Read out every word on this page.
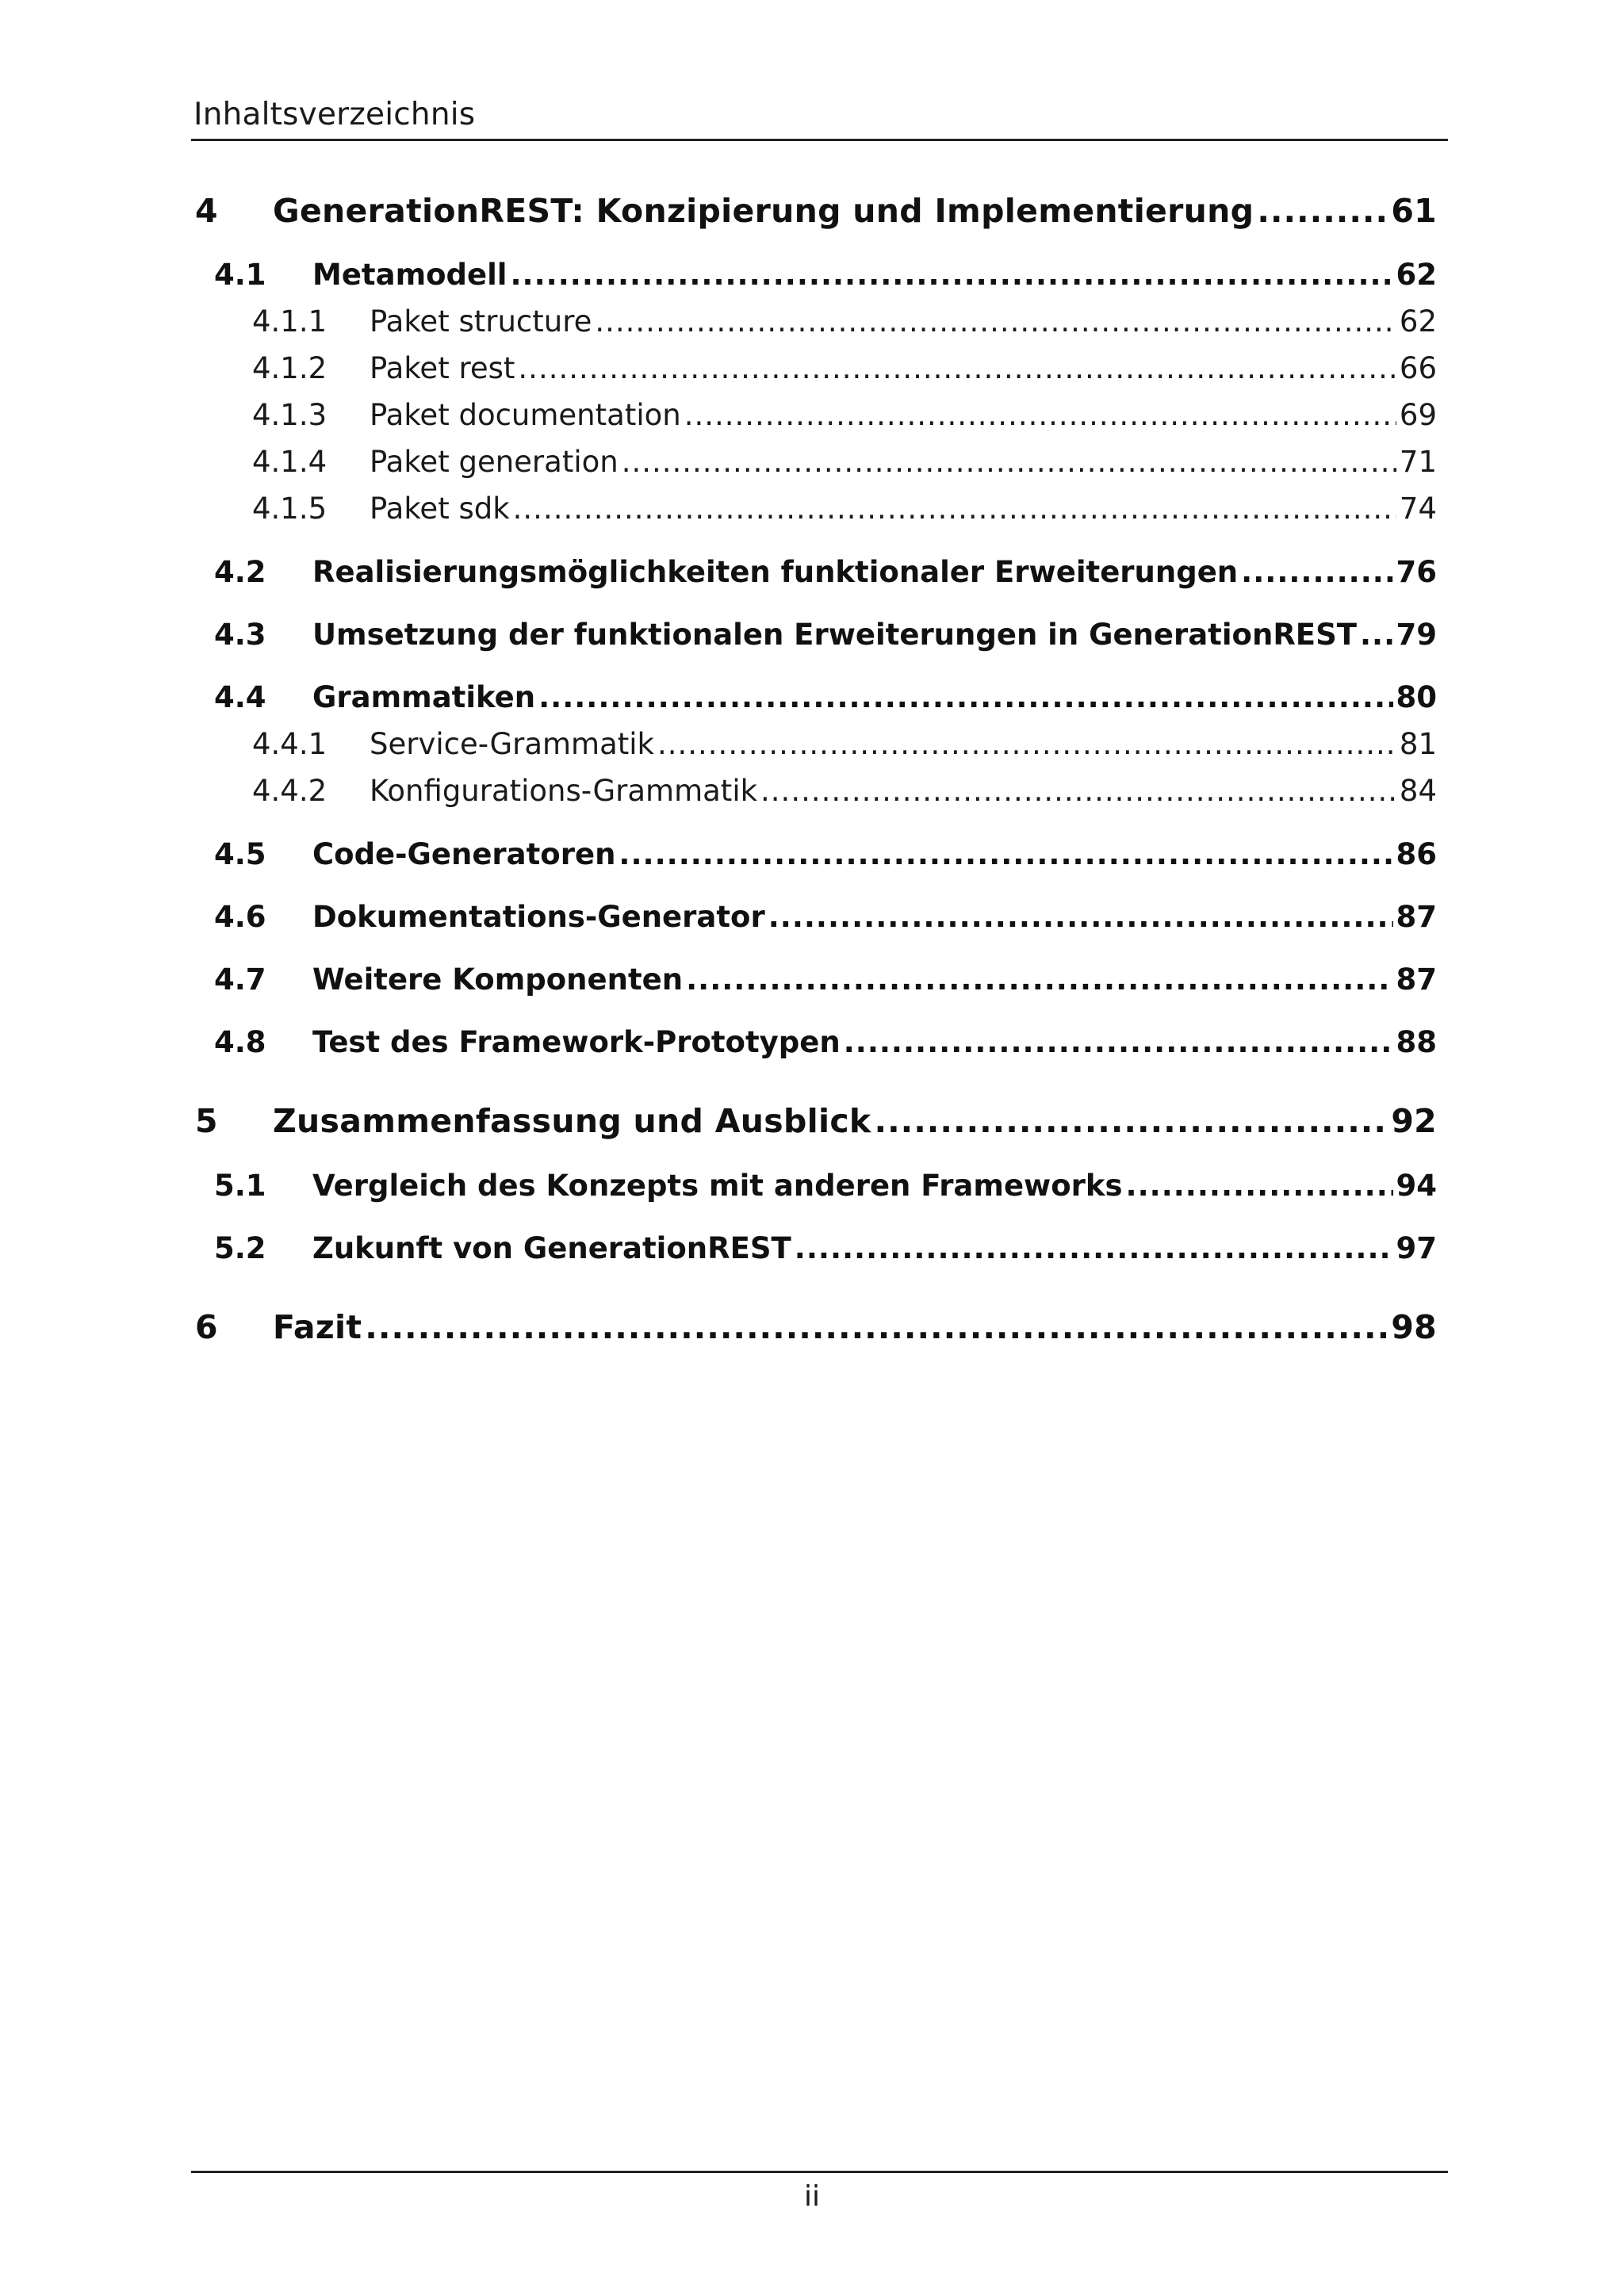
Inhaltsverzeichnis
4 GenerationREST: Konzipierung und Implementierung .....	61
4.1 Metamodell .....	62
4.1.1 Paket structure .....	62
4.1.2 Paket rest .....	66
4.1.3 Paket documentation .....	69
4.1.4 Paket generation .....	71
4.1.5 Paket sdk .....	74
4.2 Realisierungsmöglichkeiten funktionaler Erweiterungen .....	76
4.3 Umsetzung der funktionalen Erweiterungen in GenerationREST ..... 79
4.4 Grammatiken .....	80
4.4.1 Service-Grammatik .....	81
4.4.2 Konfigurations-Grammatik .....	84
4.5 Code-Generatoren .....	86
4.6 Dokumentations-Generator .....	87
4.7 Weitere Komponenten .....	87
4.8 Test des Framework-Prototypen .....	88
5 Zusammenfassung und Ausblick .....	92
5.1 Vergleich des Konzepts mit anderen Frameworks .....	94
5.2 Zukunft von GenerationREST .....	97
6 Fazit .....	98
ii
